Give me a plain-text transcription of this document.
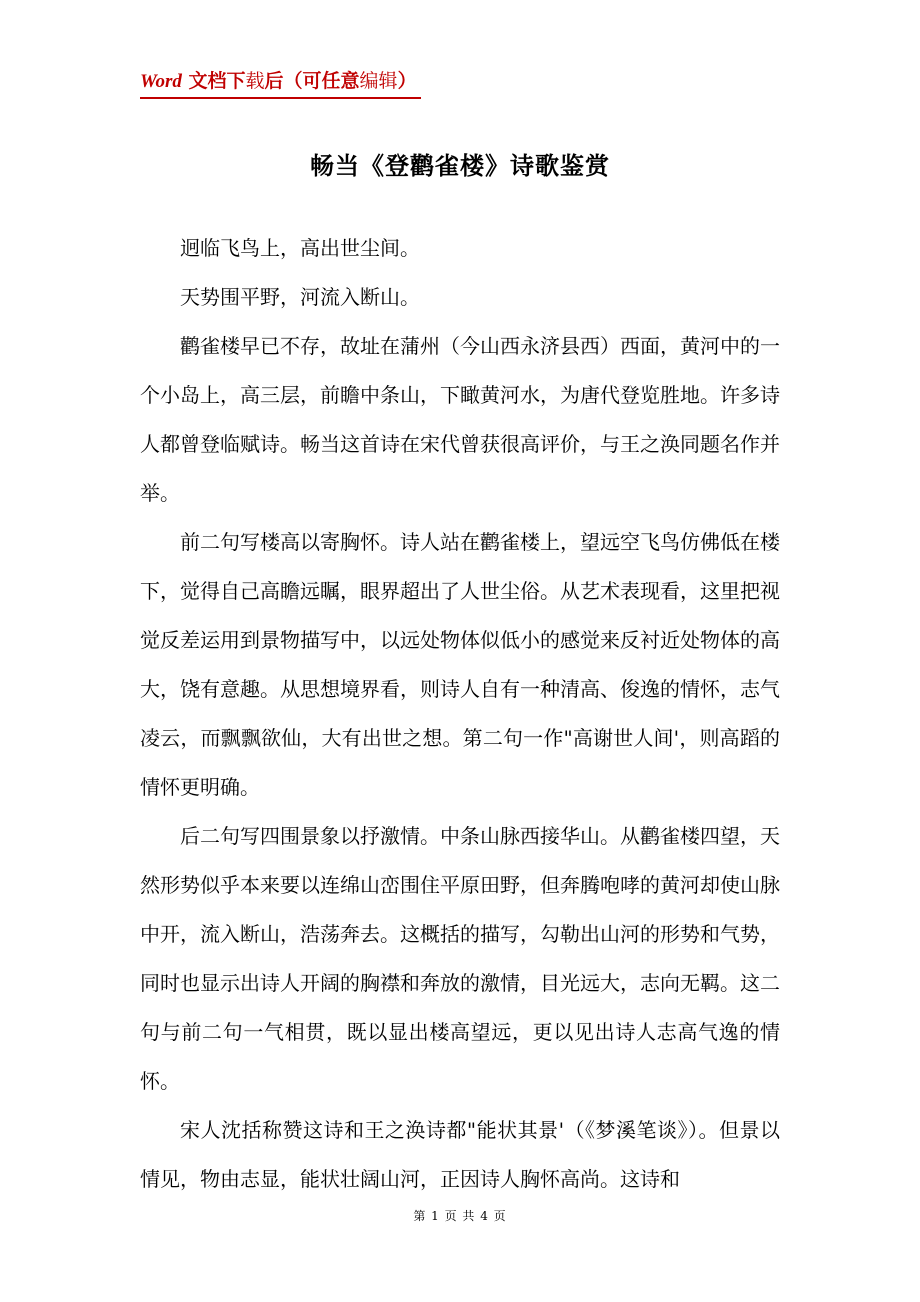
Word 文档下载后（可任意编辑）
畅当《登鹳雀楼》诗歌鉴赏

迥临飞鸟上，高出世尘间。

天势围平野，河流入断山。

鹳雀楼早已不存，故址在蒲州（今山西永济县西）西面，黄河中的一个小岛上，高三层，前瞻中条山，下瞰黄河水，为唐代登览胜地。许多诗人都曾登临赋诗。畅当这首诗在宋代曾获很高评价，与王之涣同题名作并举。

前二句写楼高以寄胸怀。诗人站在鹳雀楼上，望远空飞鸟仿佛低在楼下，觉得自己高瞻远瞩，眼界超出了人世尘俗。从艺术表现看，这里把视觉反差运用到景物描写中，以远处物体似低小的感觉来反衬近处物体的高大，饶有意趣。从思想境界看，则诗人自有一种清高、俊逸的情怀，志气凌云，而飘飘欲仙，大有出世之想。第二句一作"高谢世人间'，则高蹈的情怀更明确。

后二句写四围景象以抒激情。中条山脉西接华山。从鹳雀楼四望，天然形势似乎本来要以连绵山峦围住平原田野，但奔腾咆哮的黄河却使山脉中开，流入断山，浩荡奔去。这概括的描写，勾勒出山河的形势和气势，同时也显示出诗人开阔的胸襟和奔放的激情，目光远大，志向无羁。这二句与前二句一气相贯，既以显出楼高望远，更以见出诗人志高气逸的情怀。

宋人沈括称赞这诗和王之涣诗都"能状其景'（《梦溪笔谈》）。但景以情见，物由志显，能状壮阔山河，正因诗人胸怀高尚。这诗和

第 1 页 共 4 页
